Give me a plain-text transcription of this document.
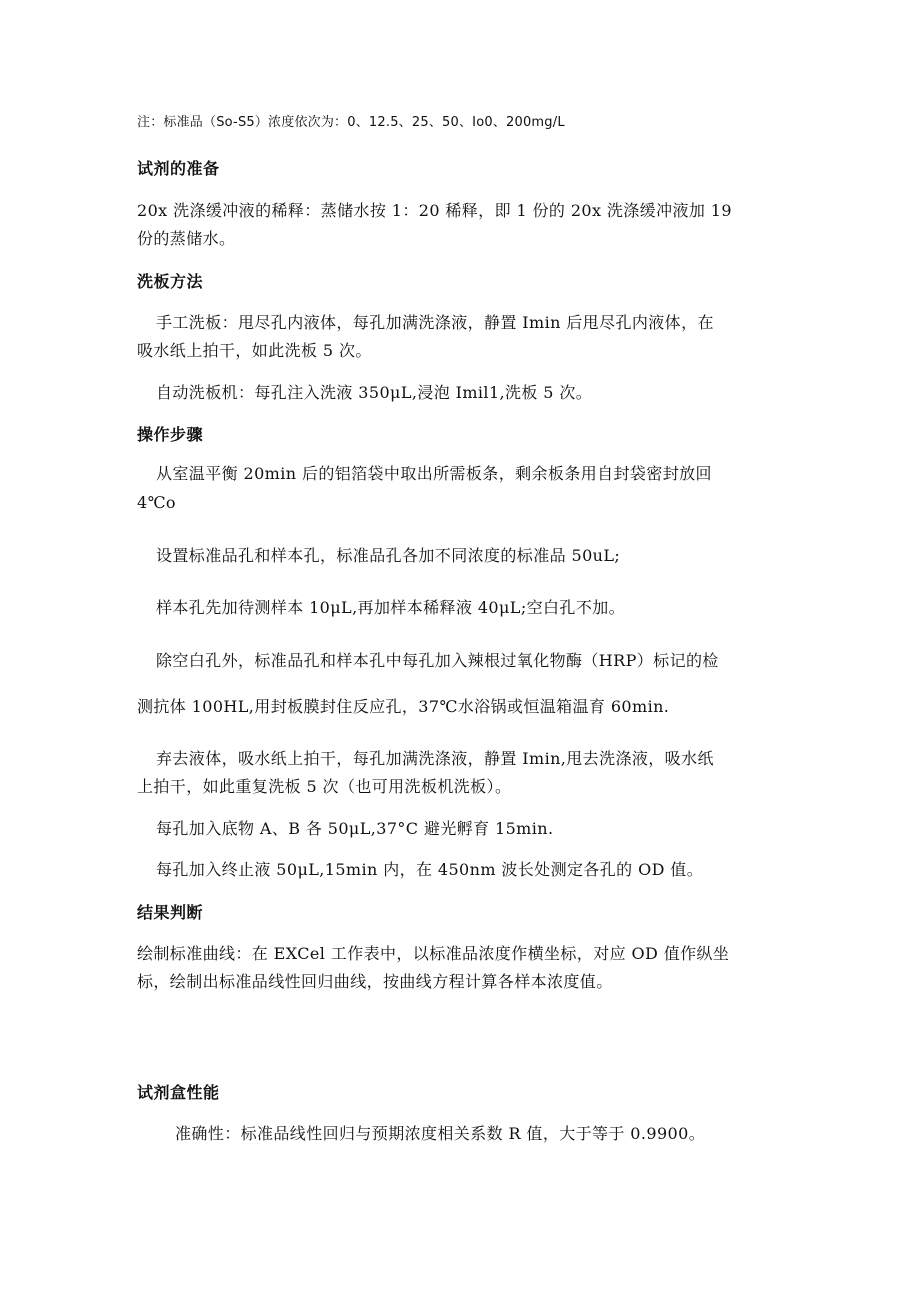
注：标准品（So-S5）浓度依次为：0、12.5、25、50、Io0、200mg/L
试剂的准备
20x 洗涤缓冲液的稀释：蒸储水按 1：20 稀释，即 1 份的 20x 洗涤缓冲液加 19
份的蒸储水。
洗板方法
手工洗板：甩尽孔内液体，每孔加满洗涤液，静置 Imin 后甩尽孔内液体，在
吸水纸上拍干，如此洗板 5 次。
自动洗板机：每孔注入洗液 350μL,浸泡 Imil1,洗板 5 次。
操作步骤
从室温平衡 20min 后的铝箔袋中取出所需板条，剩余板条用自封袋密封放回
4℃o
设置标准品孔和样本孔，标准品孔各加不同浓度的标准品 50uL;
样本孔先加待测样本 10μL,再加样本稀释液 40μL;空白孔不加。
除空白孔外，标准品孔和样本孔中每孔加入辣根过氧化物酶（HRP）标记的检
测抗体 100HL,用封板膜封住反应孔，37℃水浴锅或恒温箱温育 60min.
弃去液体，吸水纸上拍干，每孔加满洗涤液，静置 Imin,甩去洗涤液，吸水纸
上拍干，如此重复洗板 5 次（也可用洗板机洗板）。
每孔加入底物 A、B 各 50μL,37°C 避光孵育 15min.
每孔加入终止液 50μL,15min 内，在 450nm 波长处测定各孔的 OD 值。
结果判断
绘制标准曲线：在 EXCel 工作表中，以标准品浓度作横坐标，对应 OD 值作纵坐
标，绘制出标准品线性回归曲线，按曲线方程计算各样本浓度值。
试剂盒性能
准确性：标准品线性回归与预期浓度相关系数 R 值，大于等于 0.9900。
